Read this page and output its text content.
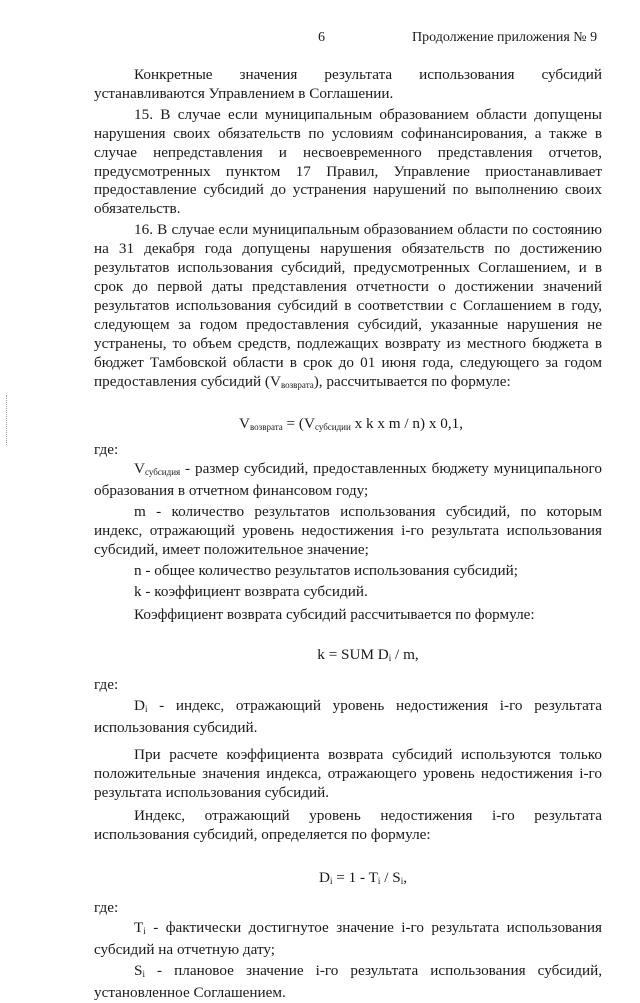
6	Продолжение приложения № 9

Конкретные значения результата использования субсидий устанавливаются Управлением в Соглашении.

15. В случае если муниципальным образованием области допущены нарушения своих обязательств по условиям софинансирования, а также в случае непредставления и несвоевременного представления отчетов, предусмотренных пунктом 17 Правил, Управление приостанавливает предоставление субсидий до устранения нарушений по выполнению своих обязательств.

16. В случае если муниципальным образованием области по состоянию на 31 декабря года допущены нарушения обязательств по достижению результатов использования субсидий, предусмотренных Соглашением, и в срок до первой даты представления отчетности о достижении значений результатов использования субсидий в соответствии с Соглашением в году, следующем за годом предоставления субсидий, указанные нарушения не устранены, то объем средств, подлежащих возврату из местного бюджета в бюджет Тамбовской области в срок до 01 июня года, следующего за годом предоставления субсидий $(V_{возврата})$, рассчитывается по формуле:

$V_{возврата} = (V_{субсидии}$ x k x m / n) x 0,1,

где:

$V_{субсидия}$ - размер субсидий, предоставленных бюджету муниципального образования в отчетном финансовом году;

m - количество результатов использования субсидий, по которым индекс, отражающий уровень недостижения i-го результата использования субсидий, имеет положительное значение;

n - общее количество результатов использования субсидий;

k - коэффициент возврата субсидий.

Коэффициент возврата субсидий рассчитывается по формуле:

k = SUM $D_i$ / m,

где:

$D_i$ - индекс, отражающий уровень недостижения i-го результата использования субсидий.

При расчете коэффициента возврата субсидий используются только положительные значения индекса, отражающего уровень недостижения i-го результата использования субсидий.

Индекс, отражающий уровень недостижения i-го результата использования субсидий, определяется по формуле:

$D_i = 1 - T_i / S_i$,

где:

$T_i$ - фактически достигнутое значение i-го результата использования субсидий на отчетную дату;

$S_i$ - плановое значение i-го результата использования субсидий, установленное Соглашением.
